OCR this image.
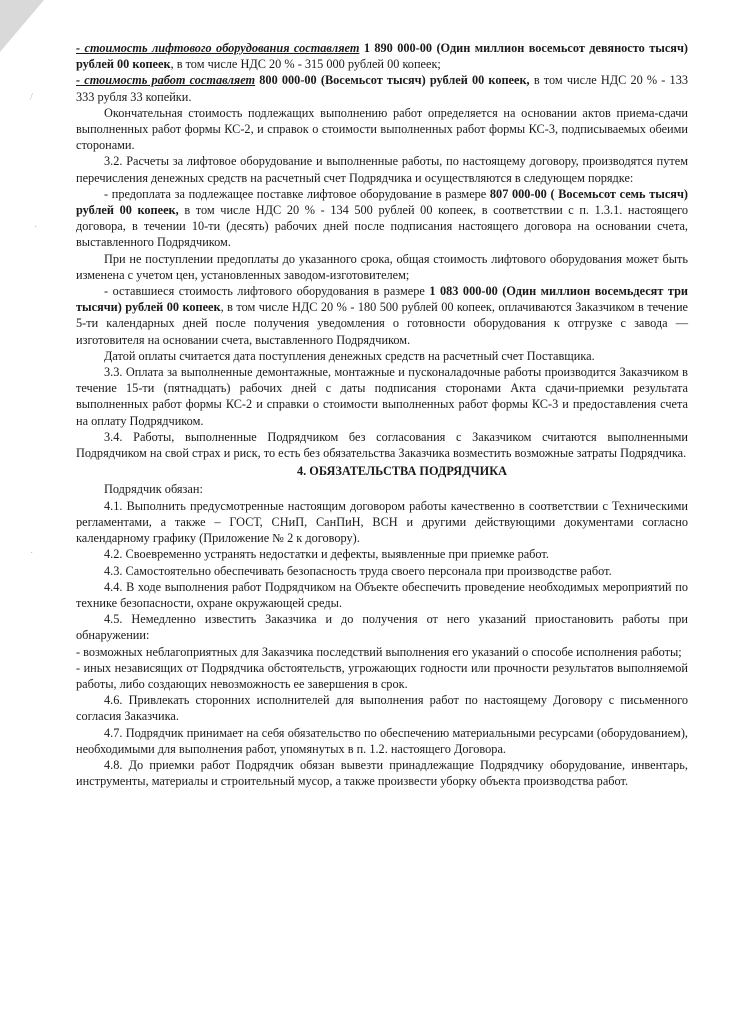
/
·
·

- стоимость лифтового оборудования составляет 1 890 000-00 (Один миллион восемьсот девяносто тысяч) рублей 00 копеек, в том числе НДС 20 % - 315 000 рублей 00 копеек;

- стоимость работ составляет 800 000-00 (Восемьсот тысяч) рублей 00 копеек, в том числе НДС 20 % - 133 333 рубля 33 копейки.

Окончательная стоимость подлежащих выполнению работ определяется на основании актов приема-сдачи выполненных работ формы КС-2, и справок о стоимости выполненных работ формы КС-3, подписываемых обеими сторонами.

3.2. Расчеты за лифтовое оборудование и выполненные работы, по настоящему договору, производятся путем перечисления денежных средств на расчетный счет Подрядчика и осуществляются в следующем порядке:

- предоплата за подлежащее поставке лифтовое оборудование в размере 807 000-00 ( Восемьсот семь тысяч) рублей 00 копеек, в том числе НДС 20 % - 134 500 рублей 00 копеек, в соответствии с п. 1.3.1. настоящего договора, в течении 10-ти (десять) рабочих дней после подписания настоящего договора на основании счета, выставленного Подрядчиком.

При не поступлении предоплаты до указанного срока, общая стоимость лифтового оборудования может быть изменена с учетом цен, установленных заводом-изготовителем;

- оставшиеся стоимость лифтового оборудования в размере 1 083 000-00 (Один миллион восемьдесят три тысячи) рублей 00 копеек, в том числе НДС 20 % - 180 500 рублей 00 копеек, оплачиваются Заказчиком в течение 5-ти календарных дней после получения уведомления о готовности оборудования к отгрузке с завода — изготовителя на основании счета, выставленного Подрядчиком.

Датой оплаты считается дата поступления денежных средств на расчетный счет Поставщика.

3.3. Оплата за выполненные демонтажные, монтажные и пусконаладочные работы производится Заказчиком в течение 15-ти (пятнадцать) рабочих дней с даты подписания сторонами Акта сдачи-приемки результата выполненных работ формы КС-2 и справки о стоимости выполненных работ формы КС-3 и предоставления счета на оплату Подрядчиком.

3.4. Работы, выполненные Подрядчиком без согласования с Заказчиком считаются выполненными Подрядчиком на свой страх и риск, то есть без обязательства Заказчика возместить возможные затраты Подрядчика.

4. ОБЯЗАТЕЛЬСТВА ПОДРЯДЧИКА

Подрядчик обязан:

4.1. Выполнить предусмотренные настоящим договором работы качественно в соответствии с Техническими регламентами, а также – ГОСТ, СНиП, СанПиН, ВСН и другими действующими документами согласно календарному графику (Приложение № 2 к договору).

4.2. Своевременно устранять недостатки и дефекты, выявленные при приемке работ.

4.3. Самостоятельно обеспечивать безопасность труда своего персонала при производстве работ.

4.4. В ходе выполнения работ Подрядчиком на Объекте обеспечить проведение необходимых мероприятий по технике безопасности, охране окружающей среды.

4.5. Немедленно известить Заказчика и до получения от него указаний приостановить работы при обнаружении:

- возможных неблагоприятных для Заказчика последствий выполнения его указаний о способе исполнения работы;

- иных независящих от Подрядчика обстоятельств, угрожающих годности или прочности результатов выполняемой работы, либо создающих невозможность ее завершения в срок.

4.6. Привлекать сторонних исполнителей для выполнения работ по настоящему Договору с письменного согласия Заказчика.

4.7. Подрядчик принимает на себя обязательство по обеспечению материальными ресурсами (оборудованием), необходимыми для выполнения работ, упомянутых в п. 1.2. настоящего Договора.

4.8. До приемки работ Подрядчик обязан вывезти принадлежащие Подрядчику оборудование, инвентарь, инструменты, материалы и строительный мусор, а также произвести уборку объекта производства работ.
